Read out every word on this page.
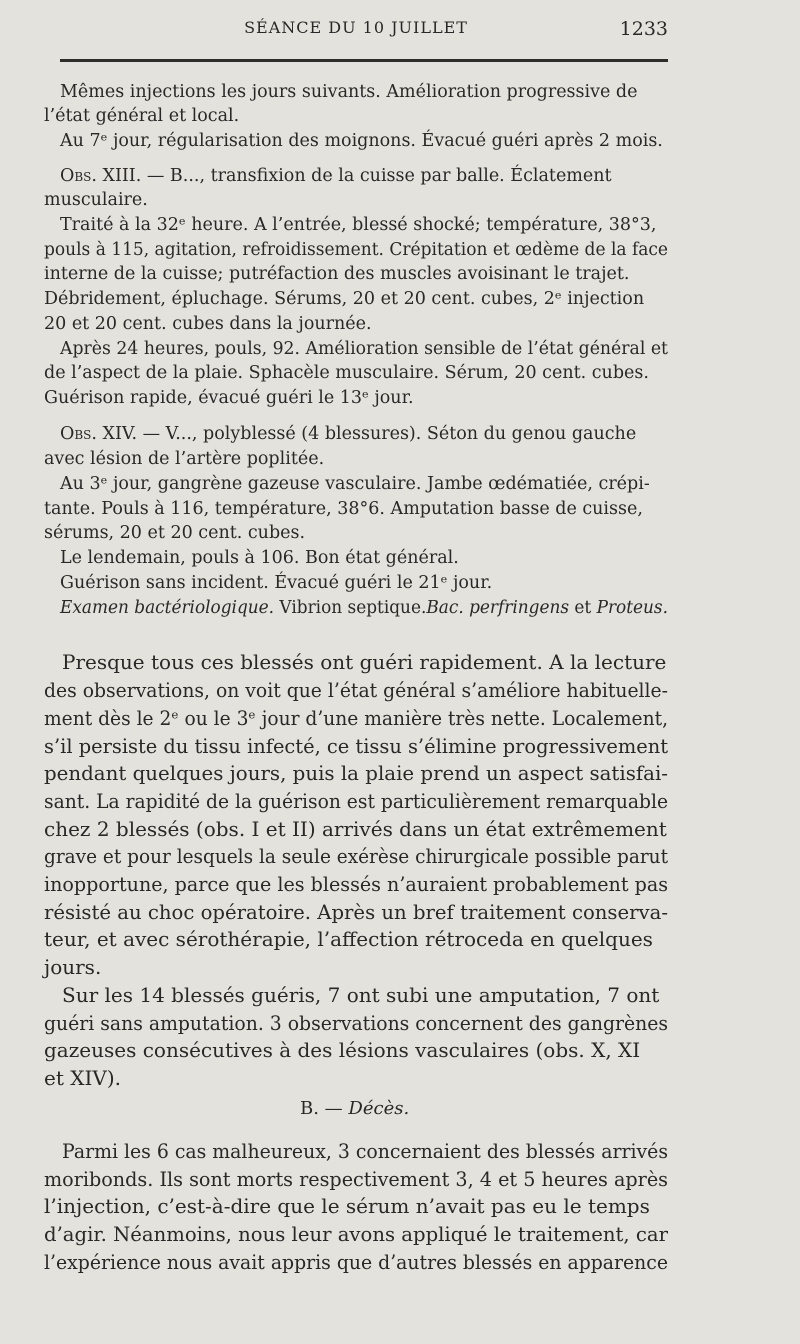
SÉANCE DU 10 JUILLET	1233
Mêmes injections les jours suivants. Amélioration progressive de
l’état général et local.
Au 7ᵉ jour, régularisation des moignons. Évacué guéri après 2 mois.
Obs. XIII. — B..., transfixion de la cuisse par balle. Éclatement
musculaire.
Traité à la 32ᵉ heure. A l’entrée, blessé shocké; température, 38°3,
pouls à 115, agitation, refroidissement. Crépitation et œdème de la face
interne de la cuisse; putréfaction des muscles avoisinant le trajet.
Débridement, épluchage. Sérums, 20 et 20 cent. cubes, 2ᵉ injection
20 et 20 cent. cubes dans la journée.
Après 24 heures, pouls, 92. Amélioration sensible de l’état général et
de l’aspect de la plaie. Sphacèle musculaire. Sérum, 20 cent. cubes.
Guérison rapide, évacué guéri le 13ᵉ jour.
Obs. XIV. — V..., polyblessé (4 blessures). Séton du genou gauche
avec lésion de l’artère poplitée.
Au 3ᵉ jour, gangrène gazeuse vasculaire. Jambe œdématiée, crépi-
tante. Pouls à 116, température, 38°6. Amputation basse de cuisse,
sérums, 20 et 20 cent. cubes.
Le lendemain, pouls à 106. Bon état général.
Guérison sans incident. Évacué guéri le 21ᵉ jour.
Examen bactériologique. Vibrion septique.Bac. perfringens et Proteus.
Presque tous ces blessés ont guéri rapidement. A la lecture
des observations, on voit que l’état général s’améliore habituelle-
ment dès le 2ᵉ ou le 3ᵉ jour d’une manière très nette. Localement,
s’il persiste du tissu infecté, ce tissu s’élimine progressivement
pendant quelques jours, puis la plaie prend un aspect satisfai-
sant. La rapidité de la guérison est particulièrement remarquable
chez 2 blessés (obs. I et II) arrivés dans un état extrêmement
grave et pour lesquels la seule exérèse chirurgicale possible parut
inopportune, parce que les blessés n’auraient probablement pas
résisté au choc opératoire. Après un bref traitement conserva-
teur, et avec sérothérapie, l’affection rétroceda en quelques
jours.
Sur les 14 blessés guéris, 7 ont subi une amputation, 7 ont
guéri sans amputation. 3 observations concernent des gangrènes
gazeuses consécutives à des lésions vasculaires (obs. X, XI
et XIV).
B. — Décès.
Parmi les 6 cas malheureux, 3 concernaient des blessés arrivés
moribonds. Ils sont morts respectivement 3, 4 et 5 heures après
l’injection, c’est-à-dire que le sérum n’avait pas eu le temps
d’agir. Néanmoins, nous leur avons appliqué le traitement, car
l’expérience nous avait appris que d’autres blessés en apparence
